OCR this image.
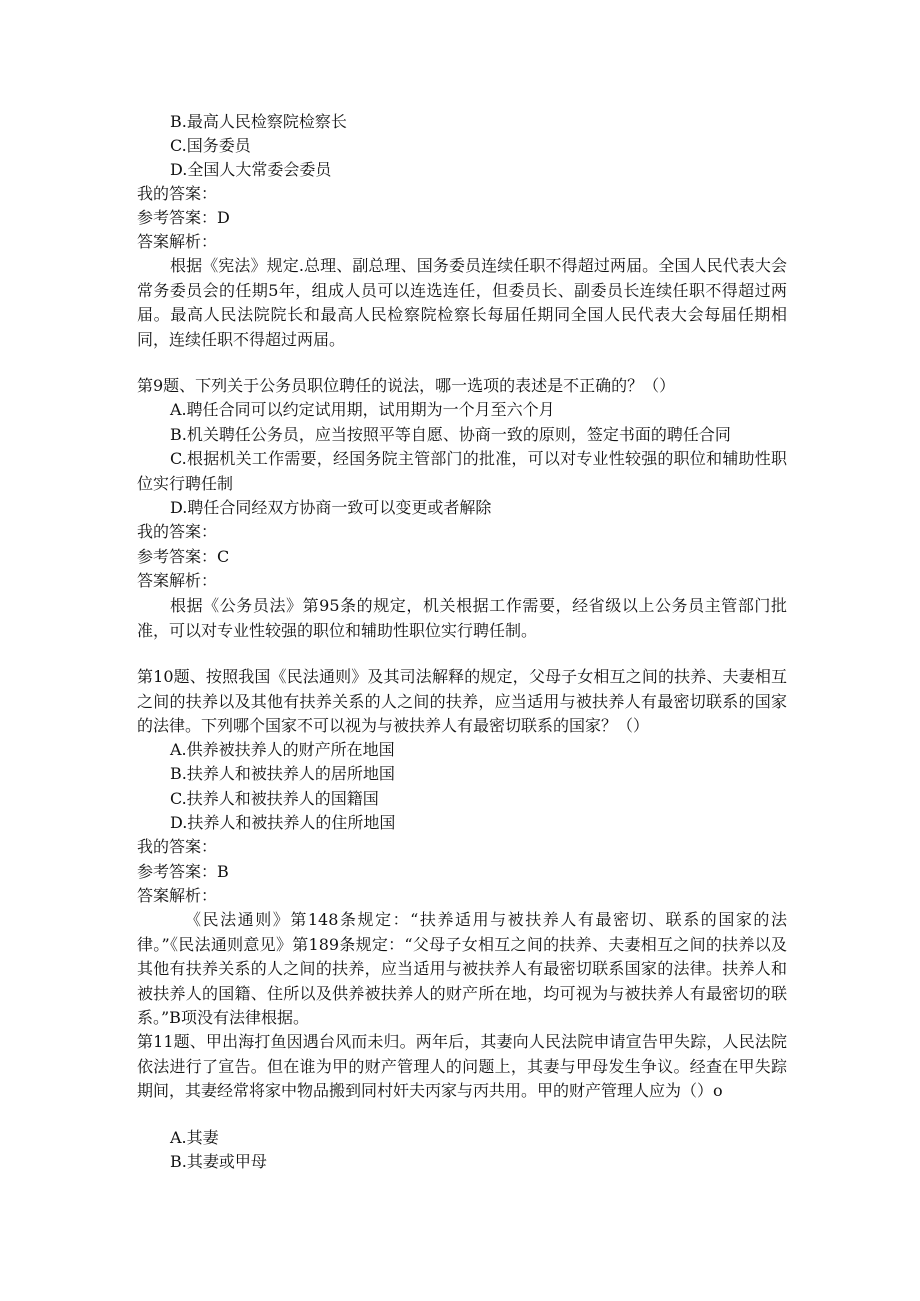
B.最高人民检察院检察长
C.国务委员
D.全国人大常委会委员
我的答案：
参考答案：D
答案解析：
根据《宪法》规定.总理、副总理、国务委员连续任职不得超过两届。全国人民代表大会常务委员会的任期5年，组成人员可以连选连任，但委员长、副委员长连续任职不得超过两届。最高人民法院院长和最高人民检察院检察长每届任期同全国人民代表大会每届任期相同，连续任职不得超过两届。
第9题、下列关于公务员职位聘任的说法，哪一选项的表述是不正确的？（）
A.聘任合同可以约定试用期，试用期为一个月至六个月
B.机关聘任公务员，应当按照平等自愿、协商一致的原则，签定书面的聘任合同
C.根据机关工作需要，经国务院主管部门的批准，可以对专业性较强的职位和辅助性职位实行聘任制
D.聘任合同经双方协商一致可以变更或者解除
我的答案：
参考答案：C
答案解析：
根据《公务员法》第95条的规定，机关根据工作需要，经省级以上公务员主管部门批准，可以对专业性较强的职位和辅助性职位实行聘任制。
第10题、按照我国《民法通则》及其司法解释的规定，父母子女相互之间的扶养、夫妻相互之间的扶养以及其他有扶养关系的人之间的扶养，应当适用与被扶养人有最密切联系的国家的法律。下列哪个国家不可以视为与被扶养人有最密切联系的国家？（）
A.供养被扶养人的财产所在地国
B.扶养人和被扶养人的居所地国
C.扶养人和被扶养人的国籍国
D.扶养人和被扶养人的住所地国
我的答案：
参考答案：B
答案解析：
《民法通则》第148条规定：“扶养适用与被扶养人有最密切、联系的国家的法律。”《民法通则意见》第189条规定：“父母子女相互之间的扶养、夫妻相互之间的扶养以及其他有扶养关系的人之间的扶养，应当适用与被扶养人有最密切联系国家的法律。扶养人和被扶养人的国籍、住所以及供养被扶养人的财产所在地，均可视为与被扶养人有最密切的联系。”B项没有法律根据。
第11题、甲出海打鱼因遇台风而未归。两年后，其妻向人民法院申请宣告甲失踪，人民法院依法进行了宣告。但在谁为甲的财产管理人的问题上，其妻与甲母发生争议。经查在甲失踪期间，其妻经常将家中物品搬到同村奸夫丙家与丙共用。甲的财产管理人应为（）o
A.其妻
B.其妻或甲母
